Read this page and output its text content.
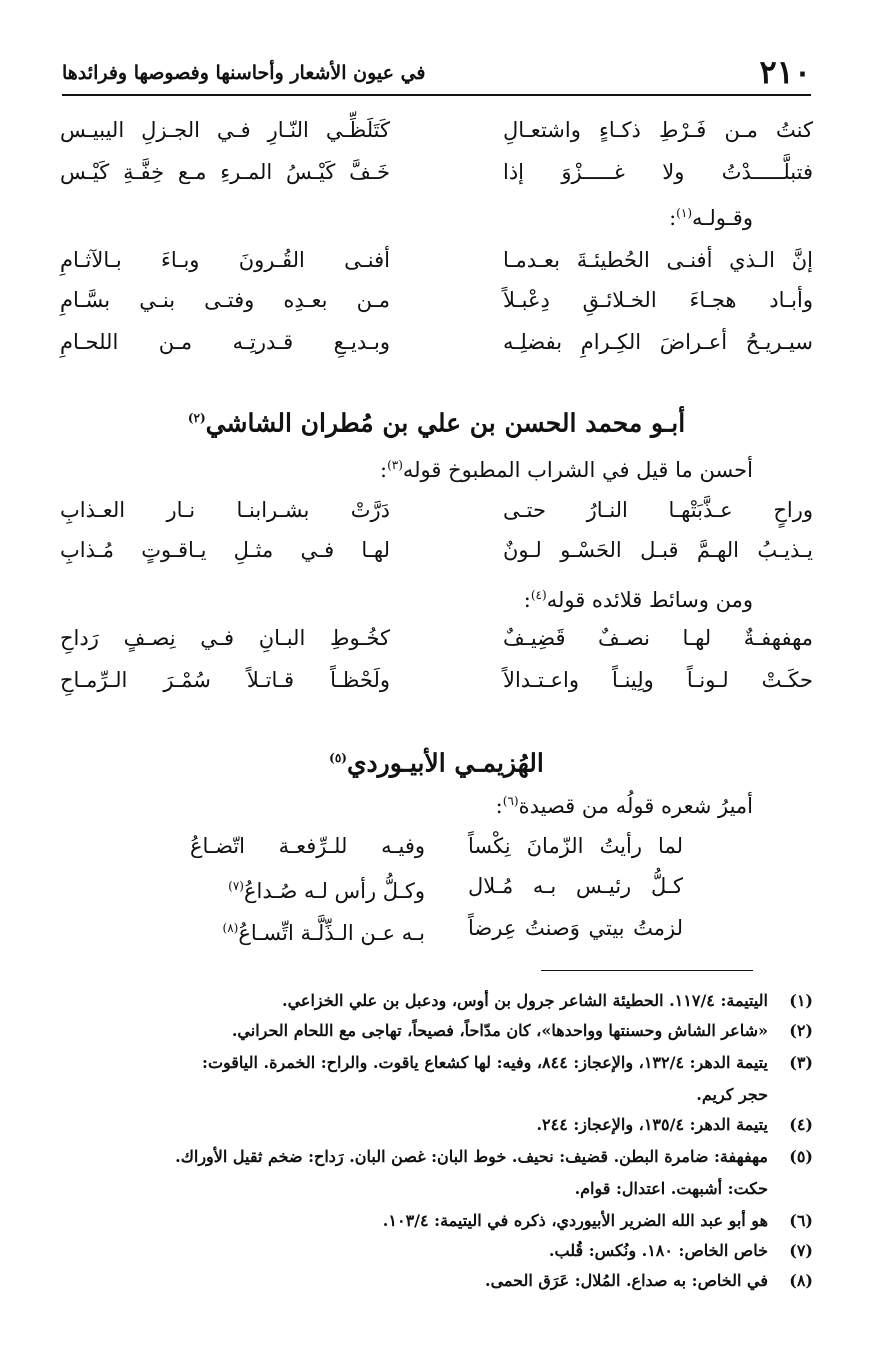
٢١٠
في عيون الأشعار وأحاسنها وفصوصها وفرائدها
كنتُ مـن فَـرْطِ ذكـاءٍ واشتعـالِ
كَتَلَظِّـي النّـارِ فـي الجـزلِ اليبيـس
فتبلَّـــــدْتُ ولا غـــــزْوَ إذا
خَـفَّ كَيْـسُ المـرءِ مـع خِفَّـةِ كَيْـس
وقـولـه$^{(١)}$:
إنَّ الـذي أفنـى الحُطيئـةَ بعـدمـا
أفنـى القُـرونَ وبـاءَ بـالآثـامِ
وأبـاد هجـاءَ الخـلائـقِ دِعْبـلاً
مـن بعـدِه وفتـى بنـي بسَّـامِ
سيـريـحُ أعـراضَ الكِـرامِ بفضلِـه
وبـديـعِ قـدرتِـه مـن اللحـامِ
أبـو محمد الحسن بن علي بن مُطران الشاشي$^{(٢)}$
أحسن ما قيل في الشراب المطبوخ قوله$^{(٣)}$:
وراحٍ عـذَّبَتْهـا النـارُ حتـى
دَرَّتْ بشـرابنـا نـار العـذابِ
يـذيـبُ الهـمَّ قبـل الحَسْـو لـونٌ
لهـا فـي مثـلِ يـاقـوتٍ مُـذابِ
ومن وسائط قلائده قوله$^{(٤)}$:
مهفهفـةٌ لهـا نصـفٌ قَضِيـفٌ
كخُـوطِ البـانِ فـي نِصـفٍ رَداحِ
حكَـتْ لـونـاً ولِينـاً واعـتـدالاً
ولَحْظـاً قـاتـلاً سُمْـرَ الـرِّمـاحِ
الهُزيمـي الأبيـوردي$^{(٥)}$
أميرُ شعره قولُه من قصيدة$^{(٦)}$:
لما رأيتُ الزّمانَ نِكْساً
وفيـه للـرِّفعـة اتّضـاعُ
كـلُّ رئيـس بـه مُـلال
وكـلُّ رأس لـه صُـداعُ$^{(٧)}$
لزمتُ بيتي وَصنتُ عِرضاً
بـه عـن الـذِّلَّـة اتِّسـاعُ$^{(٨)}$
(١)
اليتيمة: ١١٧/٤. الحطيئة الشاعر جرول بن أوس، ودعبل بن علي الخزاعي.
(٢)
«شاعر الشاش وحسنتها وواحدها»، كان مدّاحاً، فصيحاً، تهاجى مع اللحام الحراني.
(٣)
يتيمة الدهر: ١٣٢/٤، والإعجاز: ٨٤٤، وفيه: لها كشعاع ياقوت. والراح: الخمرة. الياقوت:
حجر كريم.
(٤)
يتيمة الدهر: ١٣٥/٤، والإعجاز: ٢٤٤.
(٥)
مهفهفة: ضامرة البطن. قضيف: نحيف. خوط البان: غصن البان. رَداح: ضخم ثقيل الأوراك.
حكت: أشبهت. اعتدال: قوام.
(٦)
هو أبو عبد الله الضرير الأبيوردي، ذكره في اليتيمة: ١٠٣/٤.
(٧)
خاص الخاص: ١٨٠. ونُكس: قُلب.
(٨)
في الخاص: به صداع. المُلال: عَرَق الحمى.
